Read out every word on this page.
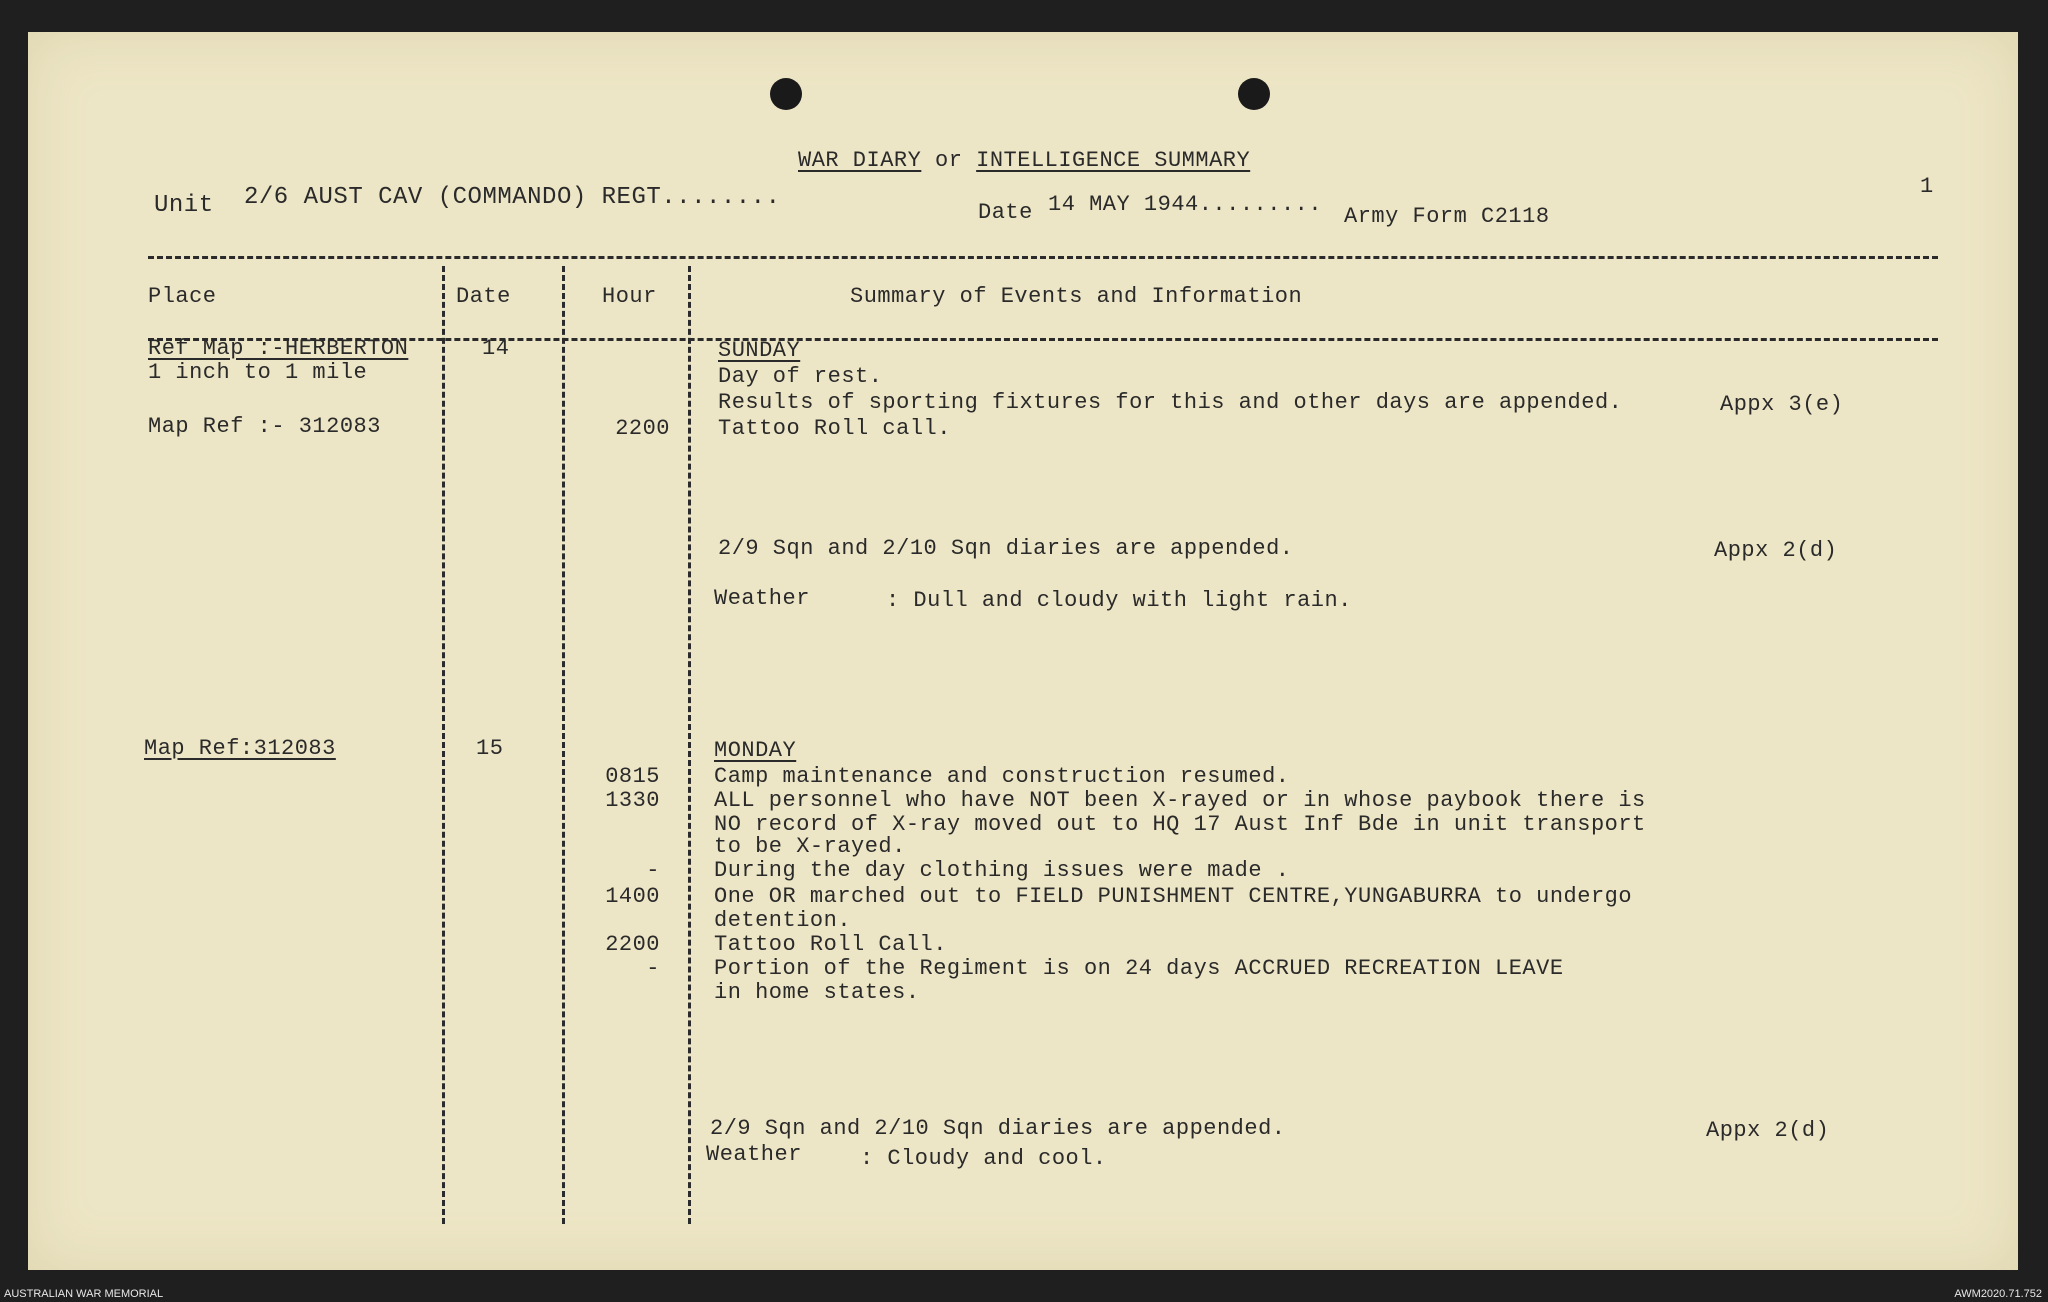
WAR DIARY or INTELLIGENCE SUMMARY
1
Unit 2/6 AUST CAV (COMMANDO) REGT........
Date 14 MAY 1944......... Army Form C2118
Place	Date	Hour	Summary of Events and Information
Ref Map :-HERBERTON
1 inch to 1 mile
Map Ref :- 312083
14	SUNDAY
Day of rest.
Results of sporting fixtures for this and other days are appended.	Appx 3(e)
2200 Tattoo Roll call.
2/9 Sqn and 2/10 Sqn diaries are appended.	Appx 2(d)
Weather	: Dull and cloudy with light rain.
Map Ref:312083	15	MONDAY
0815 Camp maintenance and construction resumed.
1330 ALL personnel who have NOT been X-rayed or in whose paybook there is
NO record of X-ray moved out to HQ 17 Aust Inf Bde in unit transport
to be X-rayed.
- During the day clothing issues were made .
1400 One OR marched out to FIELD PUNISHMENT CENTRE,YUNGABURRA to undergo
detention.
2200 Tattoo Roll Call.
- Portion of the Regiment is on 24 days ACCRUED RECREATION LEAVE
in home states.
2/9 Sqn and 2/10 Sqn diaries are appended.	Appx 2(d)
Weather	: Cloudy and cool.
AUSTRALIAN WAR MEMORIAL	AWM2020.71.752
